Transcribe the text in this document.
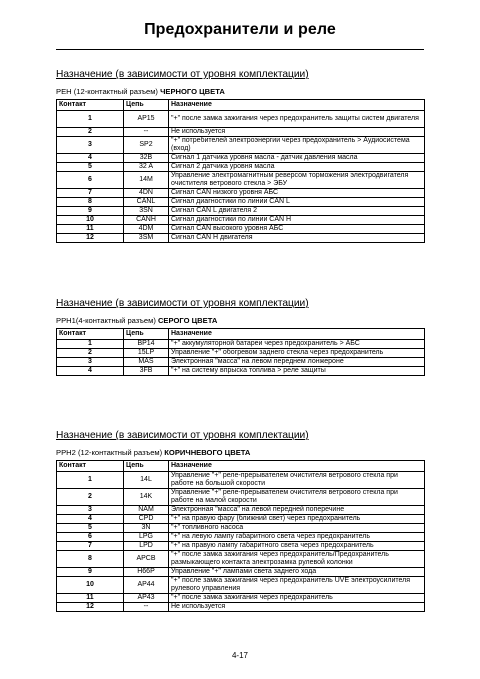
Предохранители и реле
Назначение (в зависимости от уровня комплектации)
PEH (12-контактный разъем) ЧЕРНОГО ЦВЕТА
Контакт	Цепь	Назначение
1	AP15	"+" после замка зажигания через предохранитель защиты систем двигателя
2	--	Не используется
3	SP2	"+" потребителей электроэнергии через предохранитель > Аудиосистема (вход)
4	32B	Сигнал 1 датчика уровня масла - датчик давления масла
5	32 A	Сигнал 2 датчика уровня масла
6	14M	Управление электромагнитным реверсом торможения электродвигателя очистителя ветрового стекла > ЭБУ
7	4DN	Сигнал CAN низкого уровня АБС
8	CANL	Сигнал диагностики по линии CAN L
9	3SN	Сигнал CAN L двигателя 2
10	CANH	Сигнал диагностики по линии CAN H
11	4DM	Сигнал CAN высокого уровня АБС
12	3SM	Сигнал CAN H двигателя
Назначение (в зависимости от уровня комплектации)
PPH1(4-контактный разъем) СЕРОГО ЦВЕТА
Контакт	Цепь	Назначение
1	BP14	"+" аккумуляторной батареи через предохранитель > АБС
2	15LP	Управление "+" обогревом заднего стекла через предохранитель
3	MAS	Электронная "масса" на левом переднем лонжероне
4	3FB	"+" на систему впрыска топлива > реле защиты
Назначение (в зависимости от уровня комплектации)
PPH2 (12-контактный разъем) КОРИЧНЕВОГО ЦВЕТА
Контакт	Цепь	Назначение
1	14L	Управление "+" реле-прерывателем очистителя ветрового стекла при работе на большой скорости
2	14K	Управление "+" реле-прерывателем очистителя ветрового стекла при работе на малой скорости
3	NAM	Электронная "масса" на левой передней поперечине
4	CPD	"+" на правую фару (ближний свет) через предохранитель
5	3N	"+" топливного насоса
6	LPG	"+" на левую лампу габаритного света через предохранитель
7	LPD	"+" на правую лампу габаритного света через предохранитель
8	APCB	"+" после замка зажигания через предохранитель/Предохранитель размыкающего контакта электрозамка рулевой колонки
9	H66P	Управление "+" лампами света заднего хода
10	AP44	"+" после замка зажигания через предохранитель UVE электроусилителя рулевого управления
11	AP43	"+" после замка зажигания через предохранитель
12	--	Не используется
4-17
